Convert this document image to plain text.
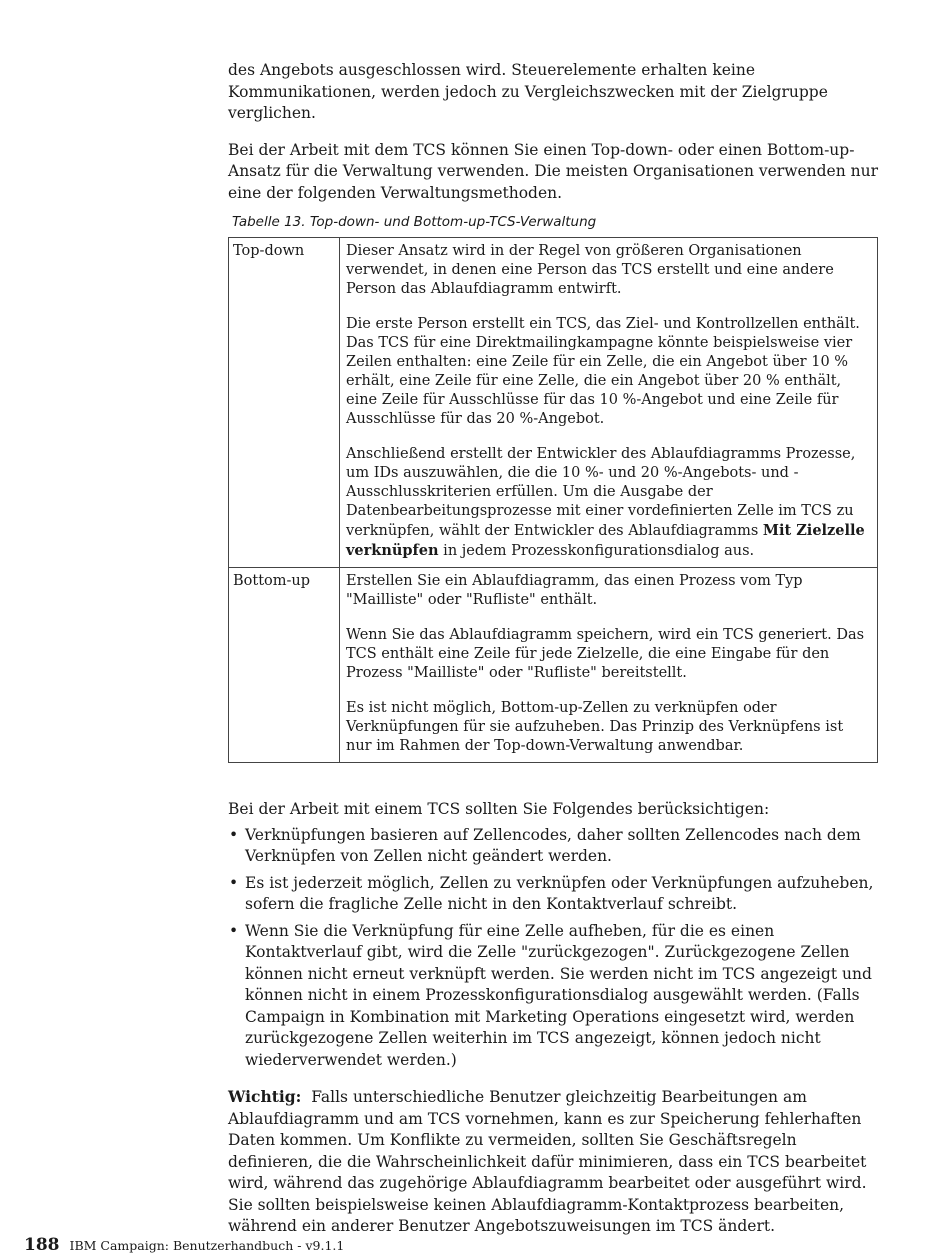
des Angebots ausgeschlossen wird. Steuerelemente erhalten keine Kommunikationen, werden jedoch zu Vergleichszwecken mit der Zielgruppe verglichen.

Bei der Arbeit mit dem TCS können Sie einen Top-down- oder einen Bottom-up-Ansatz für die Verwaltung verwenden. Die meisten Organisationen verwenden nur eine der folgenden Verwaltungsmethoden.

Tabelle 13. Top-down- und Bottom-up-TCS-Verwaltung
Top-down	Dieser Ansatz wird in der Regel von größeren Organisationen verwendet, in denen eine Person das TCS erstellt und eine andere Person das Ablaufdiagramm entwirft.

Die erste Person erstellt ein TCS, das Ziel- und Kontrollzellen enthält. Das TCS für eine Direktmailingkampagne könnte beispielsweise vier Zeilen enthalten: eine Zeile für ein Zelle, die ein Angebot über 10 % erhält, eine Zeile für eine Zelle, die ein Angebot über 20 % enthält, eine Zeile für Ausschlüsse für das 10 %-Angebot und eine Zeile für Ausschlüsse für das 20 %-Angebot.

Anschließend erstellt der Entwickler des Ablaufdiagramms Prozesse, um IDs auszuwählen, die die 10 %- und 20 %-Angebots- und -Ausschlusskriterien erfüllen. Um die Ausgabe der Datenbearbeitungsprozesse mit einer vordefinierten Zelle im TCS zu verknüpfen, wählt der Entwickler des Ablaufdiagramms Mit Zielzelle verknüpfen in jedem Prozesskonfigurationsdialog aus.

Bottom-up	Erstellen Sie ein Ablaufdiagramm, das einen Prozess vom Typ "Mailliste" oder "Rufliste" enthält.

Wenn Sie das Ablaufdiagramm speichern, wird ein TCS generiert. Das TCS enthält eine Zeile für jede Zielzelle, die eine Eingabe für den Prozess "Mailliste" oder "Rufliste" bereitstellt.

Es ist nicht möglich, Bottom-up-Zellen zu verknüpfen oder Verknüpfungen für sie aufzuheben. Das Prinzip des Verknüpfens ist nur im Rahmen der Top-down-Verwaltung anwendbar.

Bei der Arbeit mit einem TCS sollten Sie Folgendes berücksichtigen:

• Verknüpfungen basieren auf Zellencodes, daher sollten Zellencodes nach dem Verknüpfen von Zellen nicht geändert werden.
• Es ist jederzeit möglich, Zellen zu verknüpfen oder Verknüpfungen aufzuheben, sofern die fragliche Zelle nicht in den Kontaktverlauf schreibt.
• Wenn Sie die Verknüpfung für eine Zelle aufheben, für die es einen Kontaktverlauf gibt, wird die Zelle "zurückgezogen". Zurückgezogene Zellen können nicht erneut verknüpft werden. Sie werden nicht im TCS angezeigt und können nicht in einem Prozesskonfigurationsdialog ausgewählt werden. (Falls Campaign in Kombination mit Marketing Operations eingesetzt wird, werden zurückgezogene Zellen weiterhin im TCS angezeigt, können jedoch nicht wiederverwendet werden.)

Wichtig: Falls unterschiedliche Benutzer gleichzeitig Bearbeitungen am Ablaufdiagramm und am TCS vornehmen, kann es zur Speicherung fehlerhaften Daten kommen. Um Konflikte zu vermeiden, sollten Sie Geschäftsregeln definieren, die die Wahrscheinlichkeit dafür minimieren, dass ein TCS bearbeitet wird, während das zugehörige Ablaufdiagramm bearbeitet oder ausgeführt wird. Sie sollten beispielsweise keinen Ablaufdiagramm-Kontaktprozess bearbeiten, während ein anderer Benutzer Angebotszuweisungen im TCS ändert.

188 IBM Campaign: Benutzerhandbuch - v9.1.1
